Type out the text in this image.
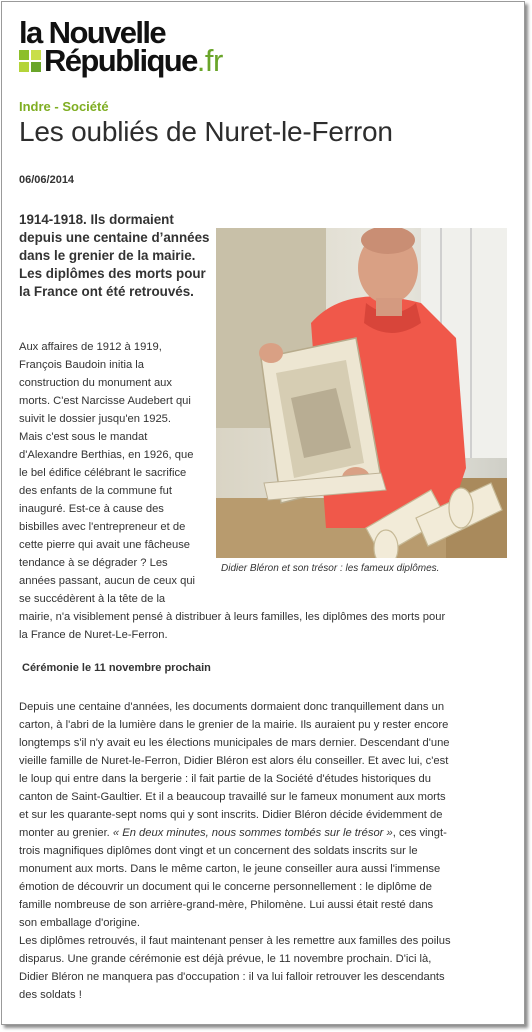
la Nouvelle
République.fr
Indre - Société
Les oubliés de Nuret-le-Ferron
06/06/2014
1914-1918. Ils dormaient depuis une centaine d’années dans le grenier de la mairie. Les diplômes des morts pour la France ont été retrouvés.
Didier Bléron et son trésor : les fameux diplômes.
Aux affaires de 1912 à 1919,
François Baudoin initia la
construction du monument aux
morts. C'est Narcisse Audebert qui
suivit le dossier jusqu'en 1925.
Mais c'est sous le mandat
d'Alexandre Berthias, en 1926, que
le bel édifice célébrant le sacrifice
des enfants de la commune fut
inauguré. Est-ce à cause des
bisbilles avec l'entrepreneur et de
cette pierre qui avait une fâcheuse
tendance à se dégrader ? Les
années passant, aucun de ceux qui
se succédèrent à la tête de la
mairie, n'a visiblement pensé à distribuer à leurs familles, les diplômes des morts pour
la France de Nuret-Le-Ferron.
Cérémonie le 11 novembre prochain
Depuis une centaine d'années, les documents dormaient donc tranquillement dans un
carton, à l'abri de la lumière dans le grenier de la mairie. Ils auraient pu y rester encore
longtemps s'il n'y avait eu les élections municipales de mars dernier. Descendant d'une
vieille famille de Nuret-le-Ferron, Didier Bléron est alors élu conseiller. Et avec lui, c'est
le loup qui entre dans la bergerie : il fait partie de la Société d'études historiques du
canton de Saint-Gaultier. Et il a beaucoup travaillé sur le fameux monument aux morts
et sur les quarante-sept noms qui y sont inscrits. Didier Bléron décide évidemment de
monter au grenier. « En deux minutes, nous sommes tombés sur le trésor », ces vingt-
trois magnifiques diplômes dont vingt et un concernent des soldats inscrits sur le
monument aux morts. Dans le même carton, le jeune conseiller aura aussi l'immense
émotion de découvrir un document qui le concerne personnellement : le diplôme de
famille nombreuse de son arrière-grand-mère, Philomène. Lui aussi était resté dans
son emballage d'origine.
Les diplômes retrouvés, il faut maintenant penser à les remettre aux familles des poilus
disparus. Une grande cérémonie est déjà prévue, le 11 novembre prochain. D'ici là,
Didier Bléron ne manquera pas d'occupation : il va lui falloir retrouver les descendants
des soldats !
